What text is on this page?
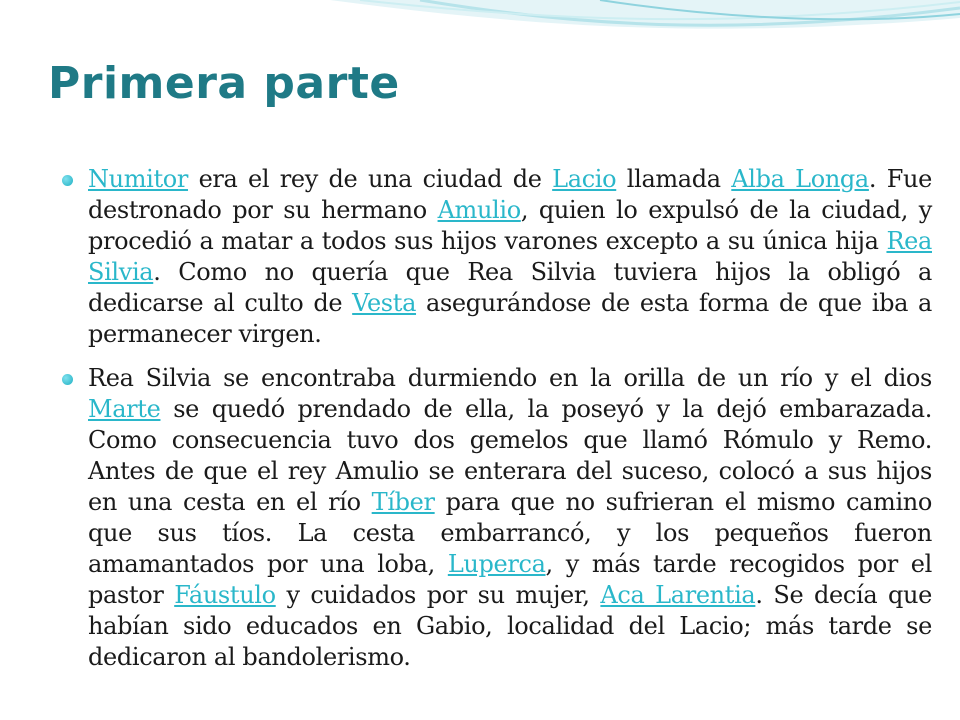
Primera parte

Numitor era el rey de una ciudad de Lacio llamada Alba Longa. Fue destronado por su hermano Amulio, quien lo expulsó de la ciudad, y procedió a matar a todos sus hijos varones excepto a su única hija Rea Silvia. Como no quería que Rea Silvia tuviera hijos la obligó a dedicarse al culto de Vesta asegurándose de esta forma de que iba a permanecer virgen.

Rea Silvia se encontraba durmiendo en la orilla de un río y el dios Marte se quedó prendado de ella, la poseyó y la dejó embarazada. Como consecuencia tuvo dos gemelos que llamó Rómulo y Remo. Antes de que el rey Amulio se enterara del suceso, colocó a sus hijos en una cesta en el río Tíber para que no sufrieran el mismo camino que sus tíos. La cesta embarrancó, y los pequeños fueron amamantados por una loba, Luperca, y más tarde recogidos por el pastor Fáustulo y cuidados por su mujer, Aca Larentia. Se decía que habían sido educados en Gabio, localidad del Lacio; más tarde se dedicaron al bandolerismo.
